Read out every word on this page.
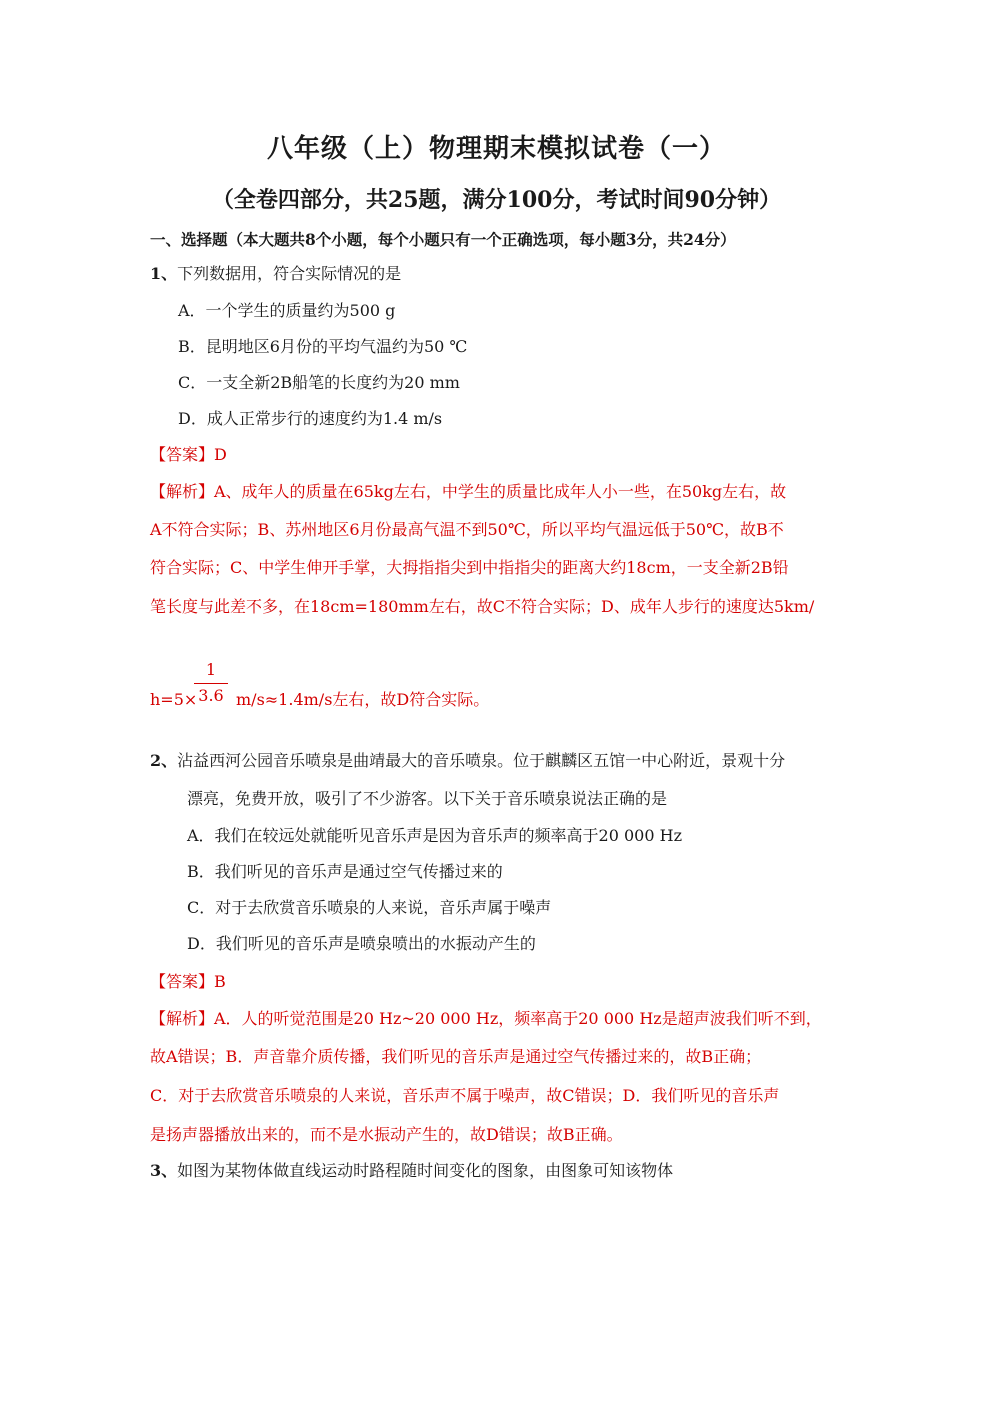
八年级（上）物理期末模拟试卷（一）
（全卷四部分，共25题，满分100分，考试时间90分钟）
一、选择题（本大题共8个小题，每个小题只有一个正确选项，每小题3分，共24分）
1、下列数据用，符合实际情况的是
A．一个学生的质量约为500 g
B．昆明地区6月份的平均气温约为50 ℃
C．一支全新2B船笔的长度约为20 mm
D．成人正常步行的速度约为1.4 m/s
【答案】D
【解析】A、成年人的质量在65kg左右，中学生的质量比成年人小一些，在50kg左右，故
A不符合实际；B、苏州地区6月份最高气温不到50℃，所以平均气温远低于50℃，故B不
符合实际；C、中学生伸开手掌，大拇指指尖到中指指尖的距离大约18cm，一支全新2B铅
笔长度与此差不多，在18cm=180mm左右，故C不符合实际；D、成年人步行的速度达5km/
1
3.6
h=5× m/s≈1.4m/s左右，故D符合实际。
2、沾益西河公园音乐喷泉是曲靖最大的音乐喷泉。位于麒麟区五馆一中心附近，景观十分
漂亮，免费开放，吸引了不少游客。以下关于音乐喷泉说法正确的是
A．我们在较远处就能听见音乐声是因为音乐声的频率高于20 000 Hz
B．我们听见的音乐声是通过空气传播过来的
C．对于去欣赏音乐喷泉的人来说，音乐声属于噪声
D．我们听见的音乐声是喷泉喷出的水振动产生的
【答案】B
【解析】A．人的听觉范围是20 Hz~20 000 Hz，频率高于20 000 Hz是超声波我们听不到，
故A错误；B．声音靠介质传播，我们听见的音乐声是通过空气传播过来的，故B正确；
C．对于去欣赏音乐喷泉的人来说，音乐声不属于噪声，故C错误；D．我们听见的音乐声
是扬声器播放出来的，而不是水振动产生的，故D错误；故B正确。
3、如图为某物体做直线运动时路程随时间变化的图象，由图象可知该物体
